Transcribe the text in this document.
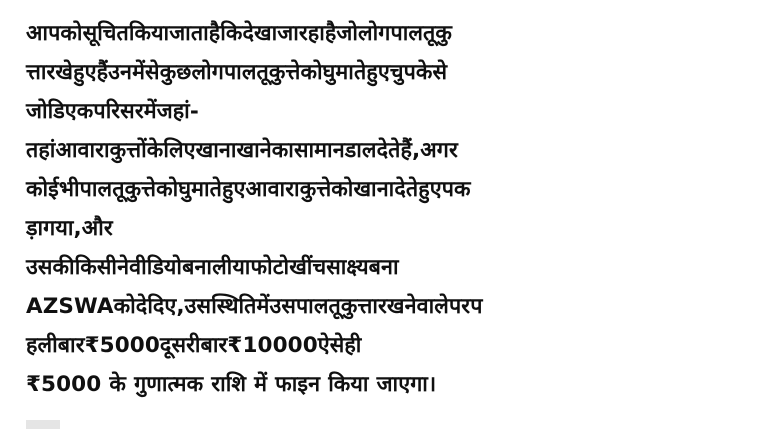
आपकोसूचितकियाजाताहैकिदेखाजारहाहैजोलोगपालतूकु
त्तारखेहुएहैंउनमेंसेकुछलोगपालतूकुत्तेकोघुमातेहुएचुपकेसे
जोडिएकपरिसरमेंजहां-
तहांआवाराकुत्तोंकेलिएखानाखानेकासामानडालदेतेहैं,अगर
कोईभीपालतूकुत्तेकोघुमातेहुएआवाराकुत्तेकोखानादेतेहुएपक
ड़ागया,और
उसकीकिसीनेवीडियोबनालीयाफोटोखींचसाक्ष्यबना
AZSWAकोदेदिए,उसस्थितिमेंउसपालतूकुत्तारखनेवालेपरप
हलीबार₹5000दूसरीबार₹10000ऐसेही
₹5000 के गुणात्मक राशि में फाइन किया जाएगा।
